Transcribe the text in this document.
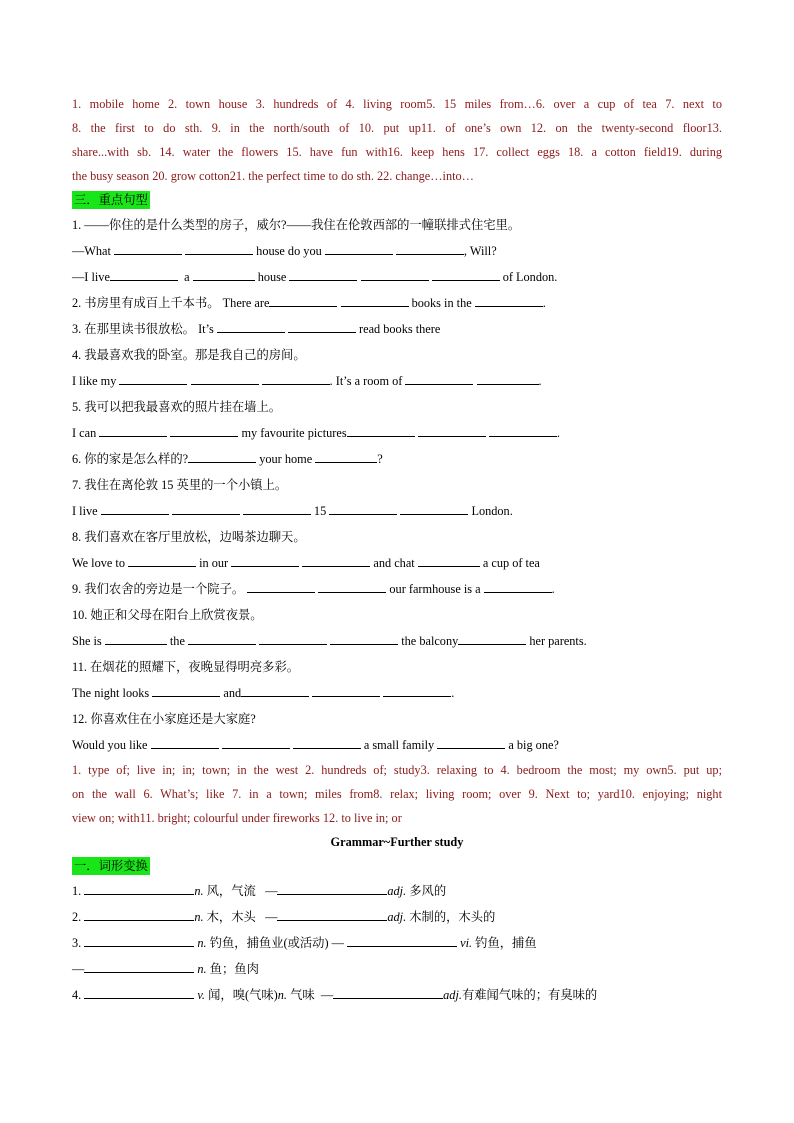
1. mobile home 2. town house 3. hundreds of 4. living room5. 15 miles from…6. over a cup of tea 7. next to
8. the first to do sth. 9. in the north/south of 10. put up11. of one’s own 12. on the twenty-second floor13.
share...with sb. 14. water the flowers 15. have fun with16. keep hens 17. collect eggs 18. a cotton field19. during
the busy season 20. grow cotton21. the perfect time to do sth. 22. change…into…
三．重点句型
1. ——你住的是什么类型的房子，威尔?——我住在伦敦西部的一幢联排式住宅里。
—What	house do you	, Will?
—I live	a	house	of London.
2. 书房里有成百上千本书。 There are	books in the	.
3. 在那里读书很放松。 It’s	read books there
4. 我最喜欢我的卧室。那是我自己的房间。
I like my	. It’s a room of	.
5. 我可以把我最喜欢的照片挂在墙上。
I can	my favourite pictures	.
6. 你的家是怎么样的?	your home	?
7. 我住在离伦敦 15 英里的一个小镇上。
I live	15	London.
8. 我们喜欢在客厅里放松，边喝茶边聊天。
We love to	in our	and chat	a cup of tea
9. 我们农舍的旁边是一个院子。	our farmhouse is a	.
10. 她正和父母在阳台上欣赏夜景。
She is	the	the balcony	her parents.
11. 在烟花的照耀下，夜晚显得明亮多彩。
The night looks	and	.
12. 你喜欢住在小家庭还是大家庭?
Would you like	a small family	a big one?
1. type of; live in; in; town; in the west 2. hundreds of; study3. relaxing to 4. bedroom the most; my own5. put up;
on the wall 6. What’s; like 7. in a town; miles from8. relax; living room; over 9. Next to; yard10. enjoying; night
view on; with11. bright; colourful under fireworks 12. to live in; or
Grammar~Further study
一．词形变换
1.	n. 风，气流 —	adj. 多风的
2.	n. 木，木头 —	adj. 木制的，木头的
3.	n. 钓鱼，捕鱼业(或活动) —	vi. 钓鱼，捕鱼
—	n. 鱼；鱼肉
4.	v. 闻，嗅(气味)n. 气味 —	adj.有难闻气味的；有臭味的
